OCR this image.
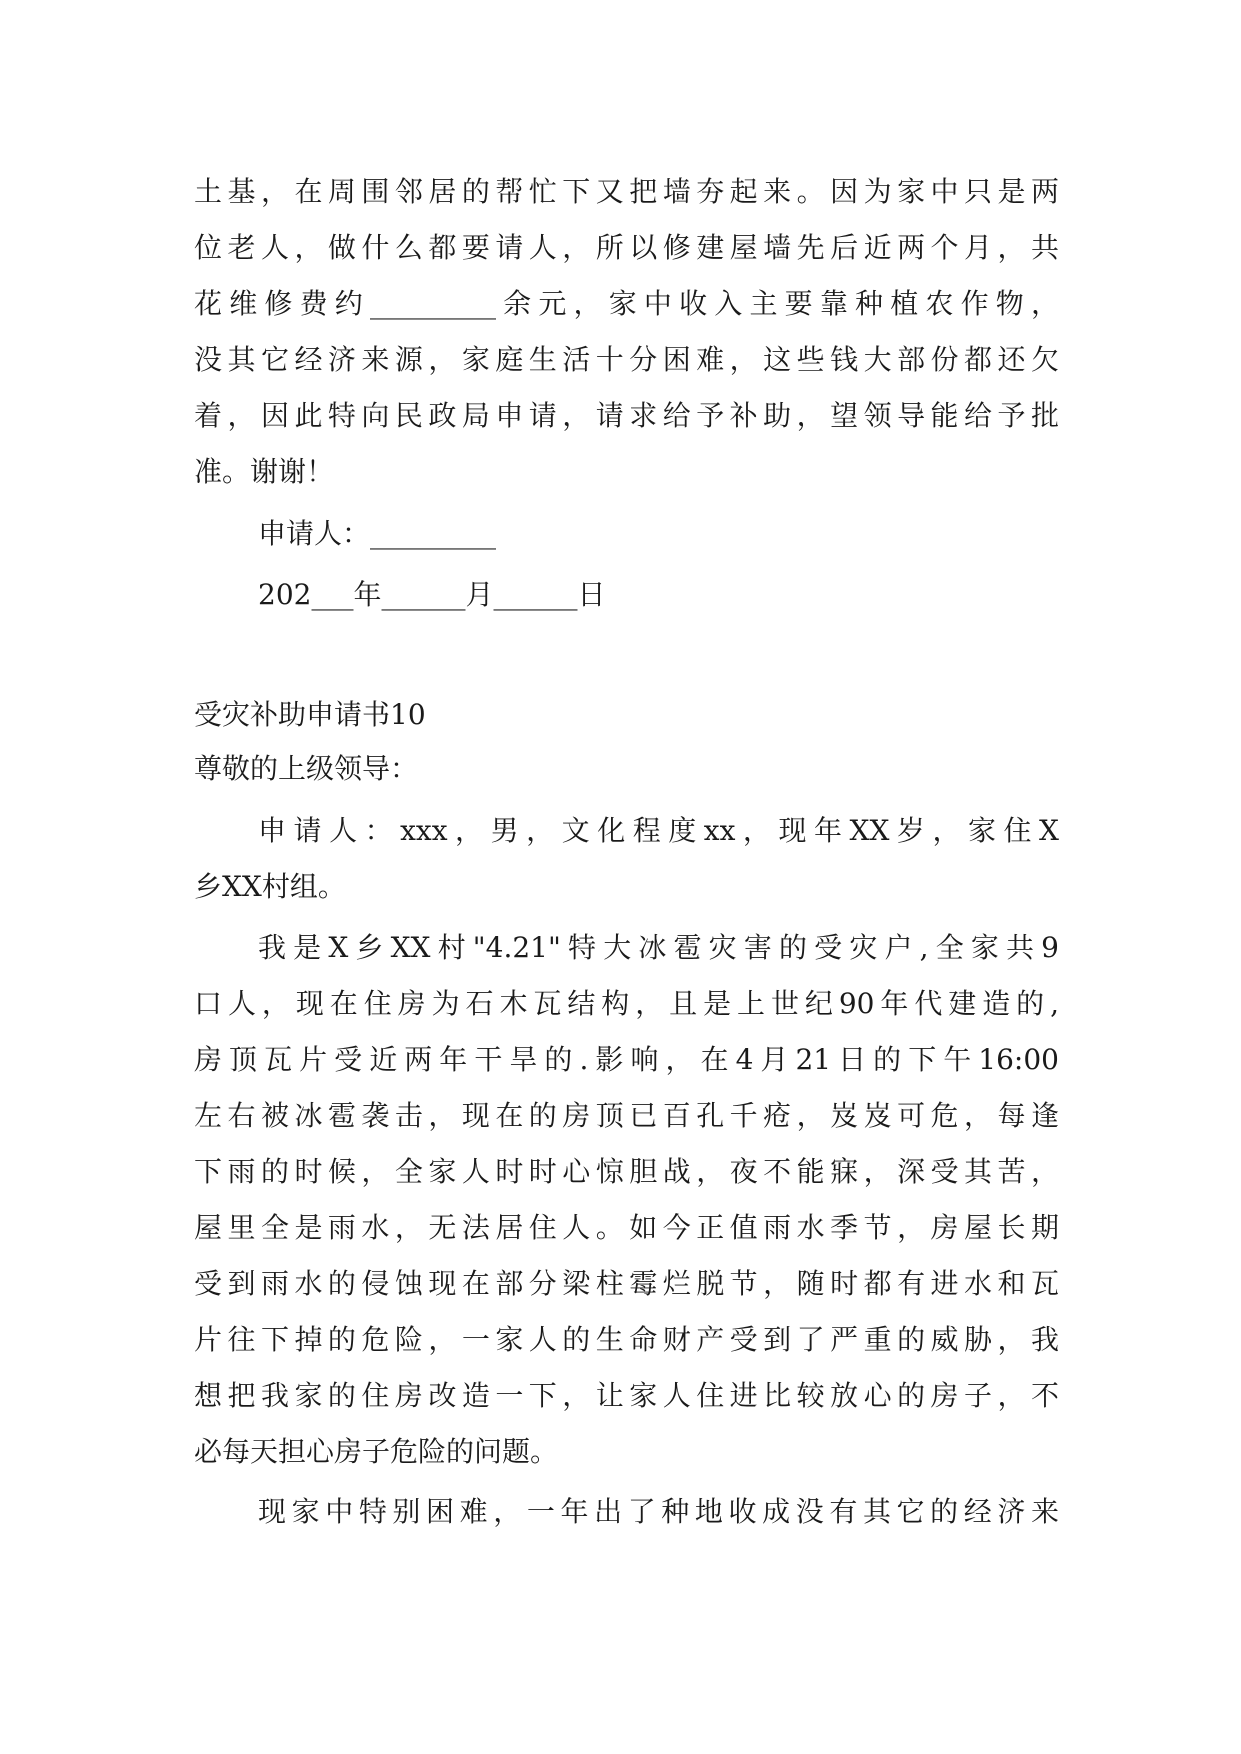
土基，在周围邻居的帮忙下又把墙夯起来。因为家中只是两
位老人，做什么都要请人，所以修建屋墙先后近两个月，共
花维修费约_________余元，家中收入主要靠种植农作物，
没其它经济来源，家庭生活十分困难，这些钱大部份都还欠
着，因此特向民政局申请，请求给予补助，望领导能给予批
准。谢谢！
申请人：_________
202___年______月______日
受灾补助申请书10
尊敬的上级领导：
申请人：xxx，男，文化程度xx，现年XX岁，家住X
乡XX村组。
我是X乡XX村"4.21"特大冰雹灾害的受灾户,全家共9
口人，现在住房为石木瓦结构，且是上世纪90年代建造的,
房顶瓦片受近两年干旱的.影响，在4月21日的下午16:00
左右被冰雹袭击，现在的房顶已百孔千疮，岌岌可危，每逢
下雨的时候，全家人时时心惊胆战，夜不能寐，深受其苦，
屋里全是雨水，无法居住人。如今正值雨水季节，房屋长期
受到雨水的侵蚀现在部分梁柱霉烂脱节，随时都有进水和瓦
片往下掉的危险，一家人的生命财产受到了严重的威胁，我
想把我家的住房改造一下，让家人住进比较放心的房子，不
必每天担心房子危险的问题。
现家中特别困难，一年出了种地收成没有其它的经济来
